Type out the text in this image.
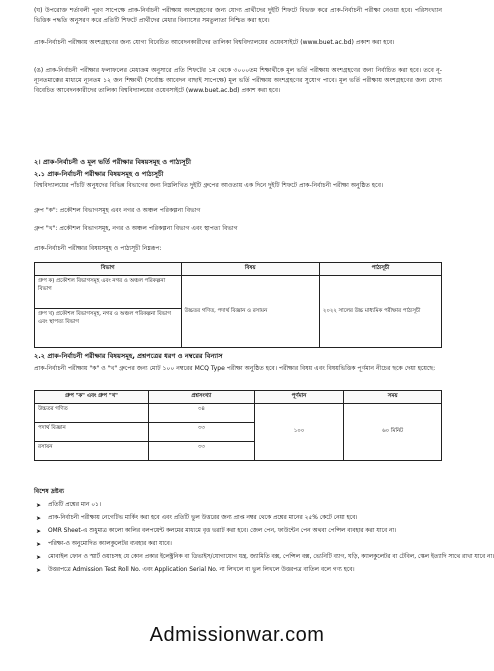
(ঘ) উপরোক্ত শর্তাবলী পূরণ সাপেক্ষে প্রাক-নির্বাচনী পরীক্ষায় অংশগ্রহণের জন্য যোগ্য প্রার্থীদের দুইটি শিফটে বিভক্ত করে প্রাক-নির্বাচনী পরীক্ষা নেওয়া হবে। পরিসংখ্যান ভিত্তিক পদ্ধতি অনুসরণ করে প্রতিটি শিফটে প্রার্থীদের মেধার বিন্যাসের সমতুল্যতা নিশ্চিত করা হবে।

প্রাক-নির্বাচনী পরীক্ষায় অংশগ্রহণের জন্য যোগ্য বিবেচিত আবেদনকারীদের তালিকা বিশ্ববিদ্যালয়ের ওয়েবসাইটে (www.buet.ac.bd) প্রকাশ করা হবে।

(ঙ) প্রাক-নির্বাচনী পরীক্ষার ফলাফলের মেধাক্রম অনুসারে প্রতি শিফটের ১ম থেকে ৩০০০তম শিক্ষার্থীকে মূল ভর্তি পরীক্ষায় অংশগ্রহণের জন্য নির্বাচিত করা হবে। তবে নূ-ন্যূনতমাক্কের মাধ্যমে ন্যূনতম ১২ জন শিক্ষার্থী (সর্বোচ্চ আবেদন বাছাই সাপেক্ষে) মূল ভর্তি পরীক্ষায় অংশগ্রহণের সুযোগ পাবে। মূল ভর্তি পরীক্ষায় অংশগ্রহণের জন্য যোগ্য বিবেচিত আবেদনকারীদের তালিকা বিশ্ববিদ্যালয়ের ওয়েবসাইটে (www.buet.ac.bd) প্রকাশ করা হবে।

২। প্রাক-নির্বাচনী ও মূল ভর্তি পরীক্ষার বিষয়সমূহ ও পাঠ্যসূচী

২.১ প্রাক-নির্বাচনী পরীক্ষার বিষয়সমূহ ও পাঠ্যসূচী

বিশ্ববিদ্যালয়ের পাঁচটি অনুষদের বিভিন্ন বিভাগের জন্য নিম্নলিখিত দুইটি গ্রুপের আওতায় এক দিনে দুইটি শিফটে প্রাক-নির্বাচনী পরীক্ষা অনুষ্ঠিত হবে।

গ্রুপ "ক": প্রকৌশল বিভাগসমূহ এবং নগর ও অঞ্চল পরিকল্পনা বিভাগ

গ্রুপ "খ": প্রকৌশল বিভাগসমূহ, নগর ও অঞ্চল পরিকল্পনা বিভাগ এবং স্থাপত্য বিভাগ

প্রাক-নির্বাচনী পরীক্ষার বিষয়সমূহ ও পাঠ্যসূচী নিম্নরূপ:

বিভাগ	বিষয়	পাঠ্যসূচী
গ্রুপ ক) প্রকৌশল বিভাগসমূহ এবং নগর ও অঞ্চল পরিকল্পনা বিভাগ	উচ্চতর গণিত, পদার্থ বিজ্ঞান ও রসায়ন	২০২২ সালের উচ্চ মাধ্যমিক পরীক্ষার পাঠ্যসূচী
গ্রুপ খ) প্রকৌশল বিভাগসমূহ, নগর ও অঞ্চল পরিকল্পনা বিভাগ এবং স্থাপত্য বিভাগ		

২.২ প্রাক-নির্বাচনী পরীক্ষার বিষয়সমূহ, প্রশ্নপত্রের ধরণ ও নম্বরের বিন্যাস

প্রাক-নির্বাচনী পরীক্ষায় "ক" ও "খ" গ্রুপের জন্য মোট ১০০ নম্বরের MCQ Type পরীক্ষা অনুষ্ঠিত হবে। পরীক্ষার বিষয় এবং বিষয়ভিত্তিক পূর্ণমান নীচের ছকে দেয়া হয়েছে:

গ্রুপ "ক" এবং গ্রুপ "খ"	প্রশ্নসংখ্যা	পূর্ণমান	সময়
উচ্চতর গণিত	৩৪	১০০	৬০ মিনিট
পদার্থ বিজ্ঞান	৩৩		
রসায়ন	৩৩		

বিশেষ দ্রষ্টব্য

➤ প্রতিটি প্রশ্নের মান ০১।
➤ প্রাক-নির্বাচনী পরীক্ষায় নেগেটিভ মার্কিং করা হবে এবং প্রতিটি ভুল উত্তরের জন্য প্রাপ্ত নম্বর থেকে প্রশ্নের মানের ২৫% কেটে নেয়া হবে।
➤ OMR Sheet-এ শুধুমাত্র কালো কালির বলপয়েন্ট কলমের মাধ্যমে বৃত্ত ভরাট করা হবে। জেল পেন, ফাউন্টেন পেন অথবা পেন্সিল ব্যবহার করা যাবে না।
➤ পরিক্ষা-ও অনুমোদিত ক্যালকুলেটর ব্যবহার করা যাবে।
➤ মোবাইল ফোন ও স্মার্ট ওয়াচসহ যে কোন প্রকার ইলেক্ট্রনিক বা ডিভাইস/যোগাযোগ যন্ত্র, জ্যামিতি বক্স, পেন্সিল বক্স, ভ্যেনিটি ব্যাগ, ঘড়ি, ক্যালকুলেটর বা টেবিল, স্কেল ইত্যাদি সাথে রাখা যাবে না।
➤ উত্তরপত্রে Admission Test Roll No. এবং Application Serial No. না লিখলে বা ভুল লিখলে উত্তরপত্র বাতিল বলে গণ্য হবে।
Admissionwar.com
